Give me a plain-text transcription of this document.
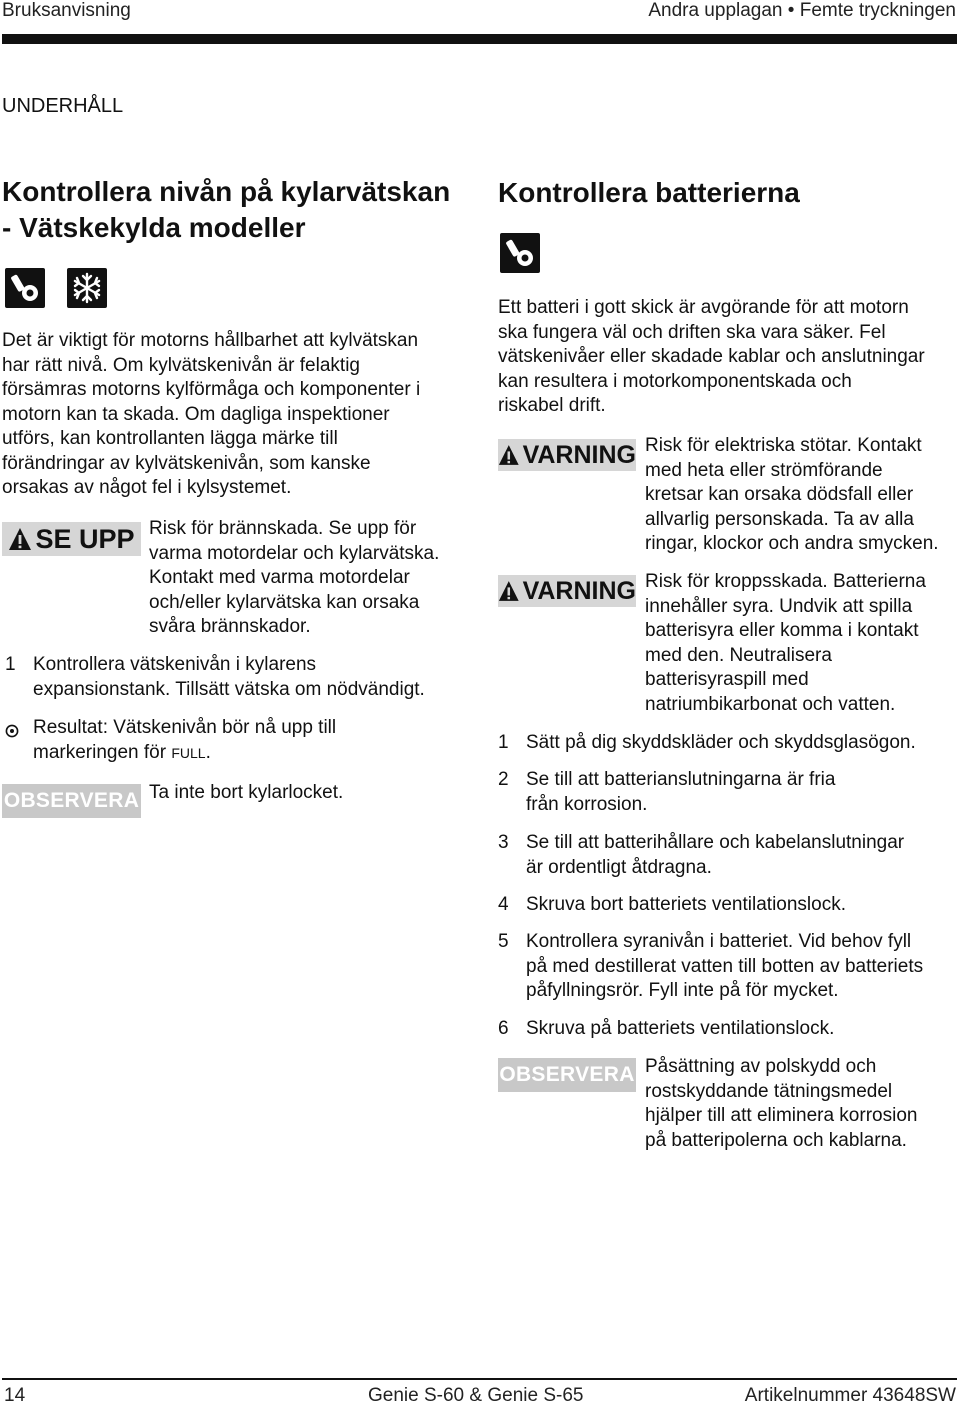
Bruksanvisning	Andra upplagan • Femte tryckningen
UNDERHÅLL
Kontrollera nivån på kylarvätskan
- Vätskekylda modeller
Det är viktigt för motorns hållbarhet att kylvätskan
har rätt nivå. Om kylvätskenivån är felaktig
försämras motorns kylförmåga och komponenter i
motorn kan ta skada. Om dagliga inspektioner
utförs, kan kontrollanten lägga märke till
förändringar av kylvätskenivån, som kanske
orsakas av något fel i kylsystemet.
SE UPP Risk för brännskada. Se upp för
varma motordelar och kylarvätska.
Kontakt med varma motordelar
och/eller kylarvätska kan orsaka
svåra brännskador.
1 Kontrollera vätskenivån i kylarens
expansionstank. Tillsätt vätska om nödvändigt.
Resultat: Vätskenivån bör nå upp till
markeringen för FULL.
OBSERVERA Ta inte bort kylarlocket.
Kontrollera batterierna
Ett batteri i gott skick är avgörande för att motorn
ska fungera väl och driften ska vara säker. Fel
vätskenivåer eller skadade kablar och anslutningar
kan resultera i motorkomponentskada och
riskabel drift.
VARNING Risk för elektriska stötar. Kontakt
med heta eller strömförande
kretsar kan orsaka dödsfall eller
allvarlig personskada. Ta av alla
ringar, klockor och andra smycken.
VARNING Risk för kroppsskada. Batterierna
innehåller syra. Undvik att spilla
batterisyra eller komma i kontakt
med den. Neutralisera
batterisyraspill med
natriumbikarbonat och vatten.
1 Sätt på dig skyddskläder och skyddsglasögon.
2 Se till att batterianslutningarna är fria
från korrosion.
3 Se till att batterihållare och kabelanslutningar
är ordentligt åtdragna.
4 Skruva bort batteriets ventilationslock.
5 Kontrollera syranivån i batteriet. Vid behov fyll
på med destillerat vatten till botten av batteriets
påfyllningsrör. Fyll inte på för mycket.
6 Skruva på batteriets ventilationslock.
OBSERVERA Påsättning av polskydd och
rostskyddande tätningsmedel
hjälper till att eliminera korrosion
på batteripolerna och kablarna.
14	Genie S-60 & Genie S-65	Artikelnummer 43648SW
